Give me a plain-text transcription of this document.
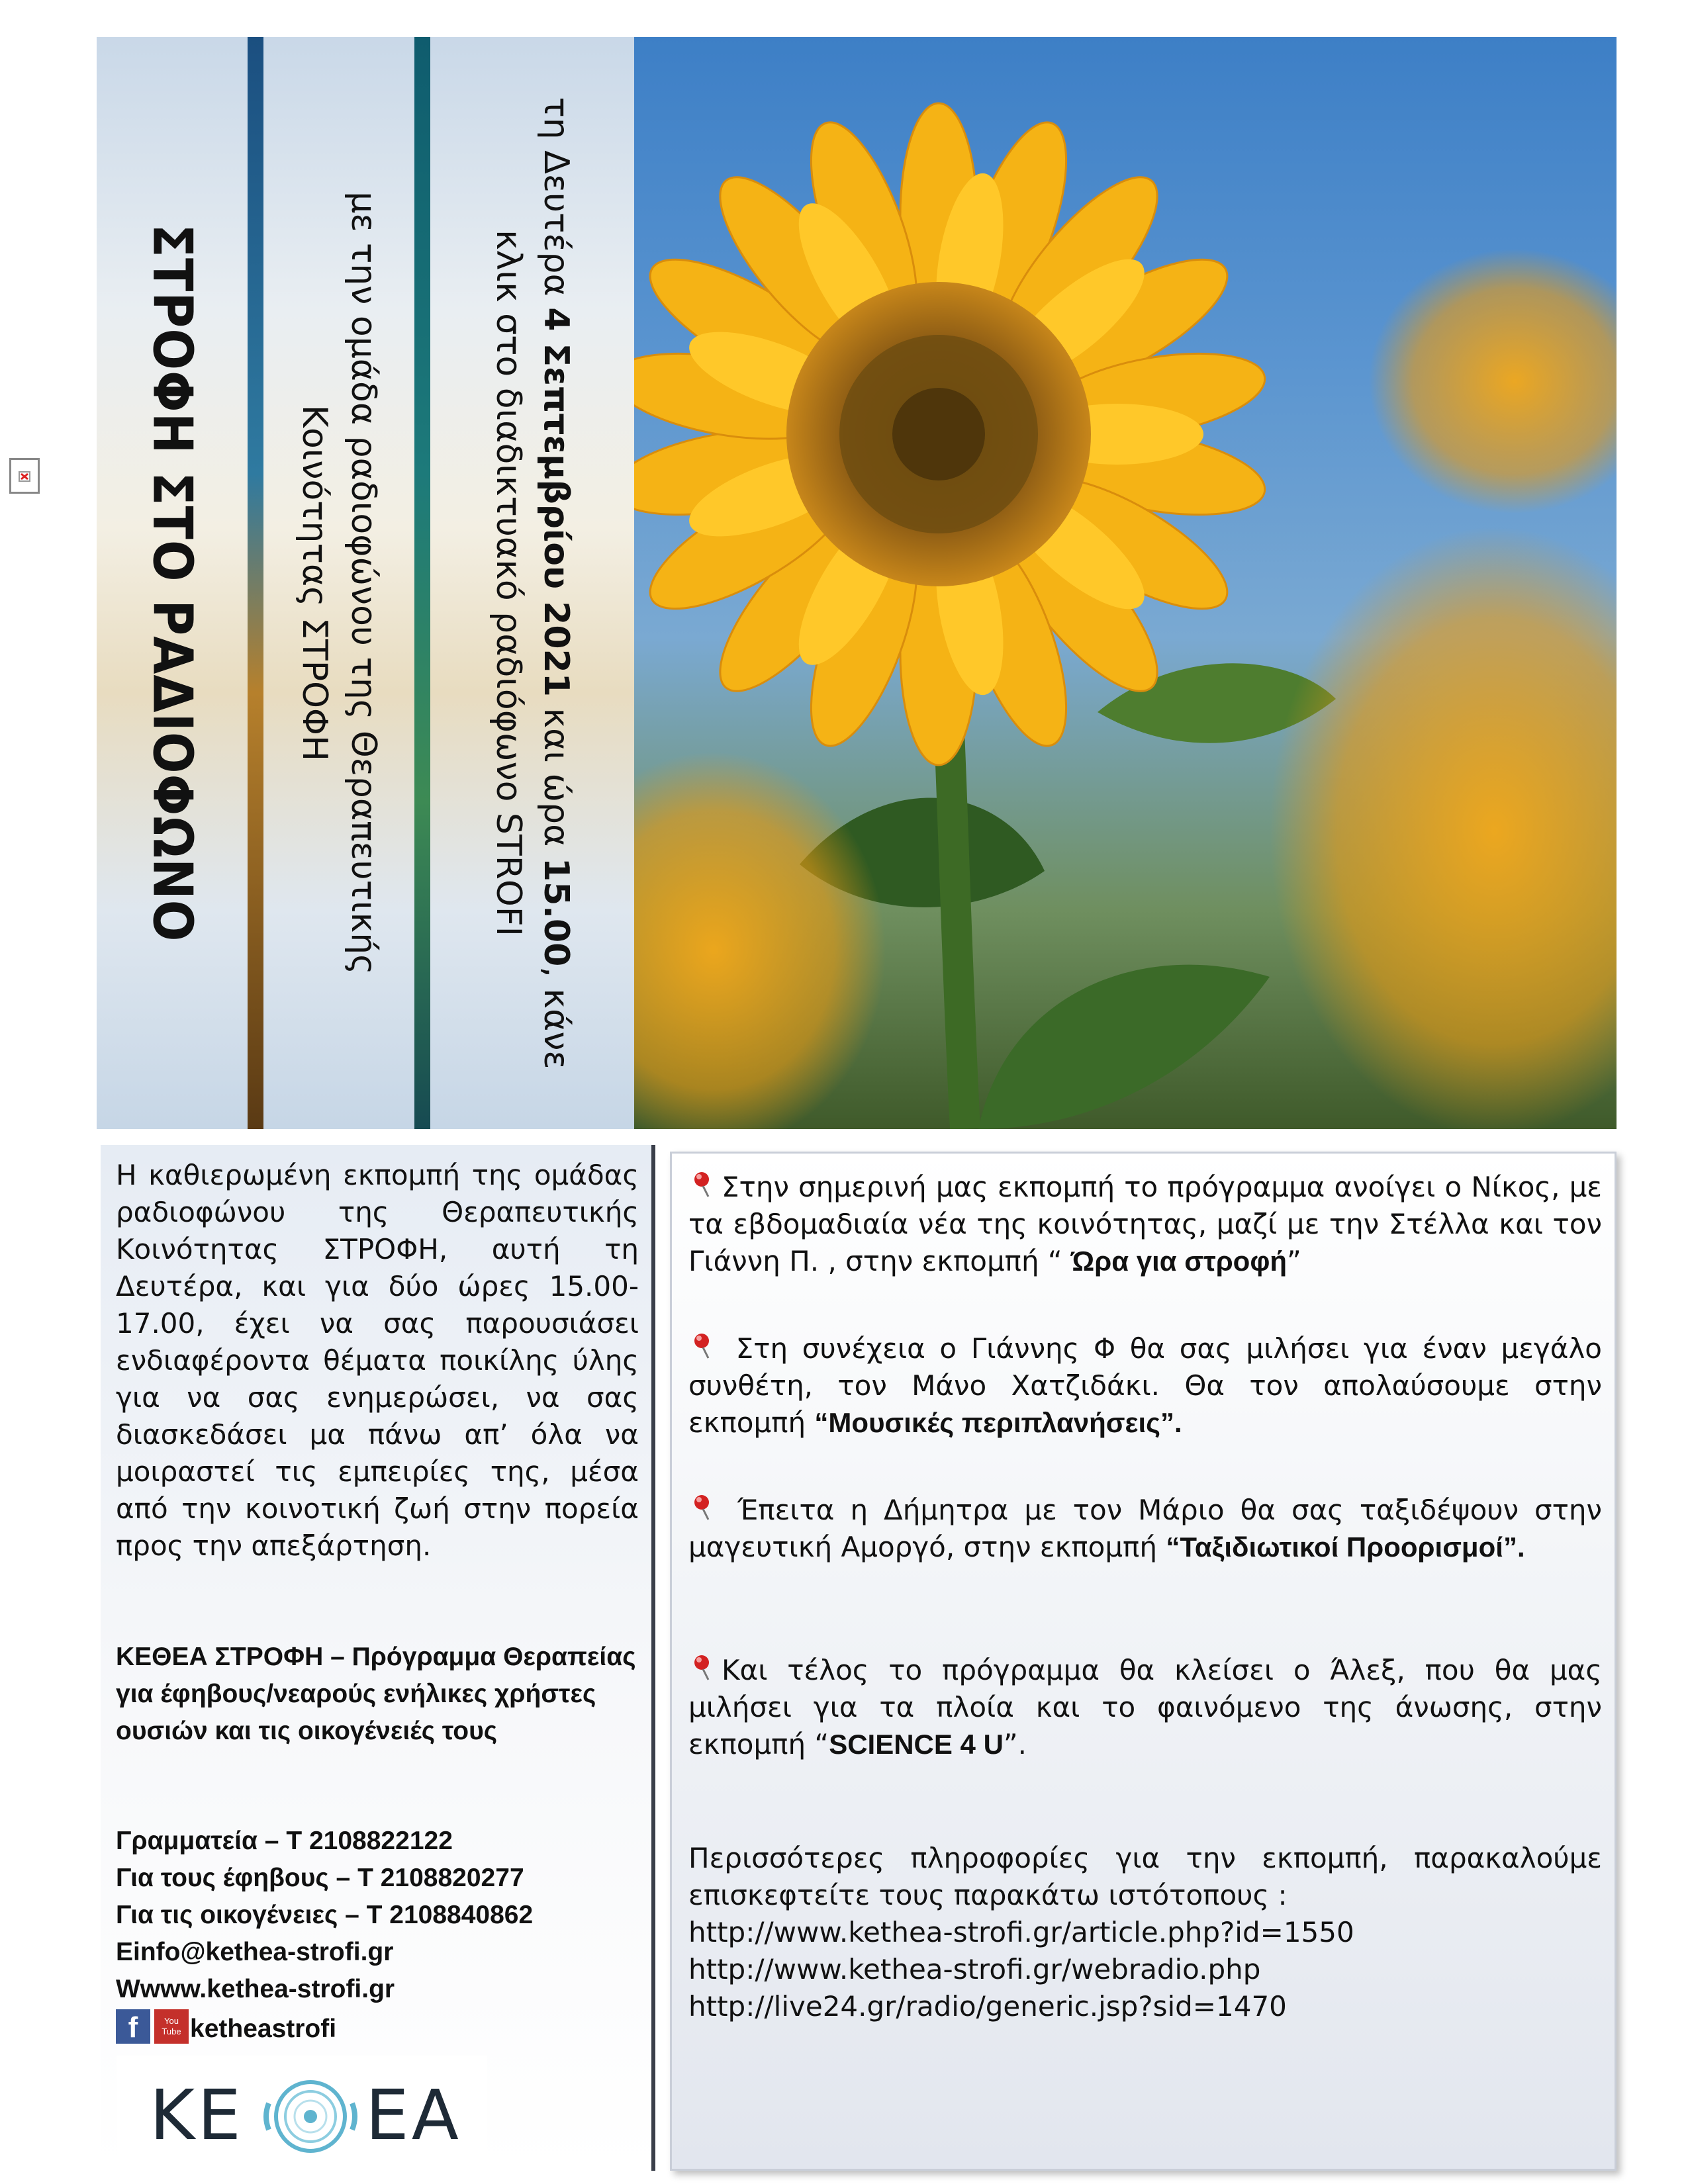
ΣΤΡΟΦΗ ΣΤΟ ΡΑΔΙΟΦΩΝΟ	με την ομάδα ραδιοφώνου της Θεραπευτικής
Κοινότητας ΣΤΡΟΦΗ
τη Δευτέρα 4 Σεπτεμβρίου 2021 και ώρα 15.00, κάνε
κλικ στο διαδικτυακό ραδιόφωνο STROFI
Η καθιερωμένη εκπομπή της ομάδας ραδιοφώνου της Θεραπευτικής Κοινότητας ΣΤΡΟΦΗ, αυτή τη Δευτέρα, και για δύο ώρες 15.00-17.00, έχει να σας παρουσιάσει ενδιαφέροντα θέματα ποικίλης ύλης για να σας ενημερώσει, να σας διασκεδάσει μα πάνω απ’ όλα να μοιραστεί τις εμπειρίες της, μέσα από την κοινοτική ζωή στην πορεία προς την απεξάρτηση.
ΚΕΘΕΑ ΣΤΡΟΦΗ – Πρόγραμμα Θεραπείας για έφηβους/νεαρούς ενήλικες χρήστες ουσιών και τις οικογένειές τους
Γραμματεία – Τ 2108822122
Για τους έφηβους – Τ 2108820277
Για τις οικογένειες – Τ 2108840862
Einfo@kethea-strofi.gr
Wwww.kethea-strofi.gr
f	You Tube ketheastrofi
ΚΕ ΕΑ
Στην σημερινή μας εκπομπή το πρόγραμμα ανοίγει ο Νίκος, με τα εβδομαδιαία νέα της κοινότητας, μαζί με την Στέλλα και τον Γιάννη Π. , στην εκπομπή “ Ώρα για στροφή”
Στη συνέχεια ο Γιάννης Φ θα σας μιλήσει για έναν μεγάλο συνθέτη, τον Μάνο Χατζιδάκι. Θα τον απολαύσουμε στην εκπομπή “Μουσικές περιπλανήσεις”.
Έπειτα η Δήμητρα με τον Μάριο θα σας ταξιδέψουν στην μαγευτική Αμοργό, στην εκπομπή “Ταξιδιωτικοί Προορισμοί”.
Και τέλος το πρόγραμμα θα κλείσει ο Άλεξ, που θα μας μιλήσει για τα πλοία και το φαινόμενο της άνωσης, στην εκπομπή “SCIENCE 4 U”.
Περισσότερες πληροφορίες για την εκπομπή, παρακαλούμε επισκεφτείτε τους παρακάτω ιστότοπους :
http://www.kethea-strofi.gr/article.php?id=1550
http://www.kethea-strofi.gr/webradio.php
http://live24.gr/radio/generic.jsp?sid=1470
